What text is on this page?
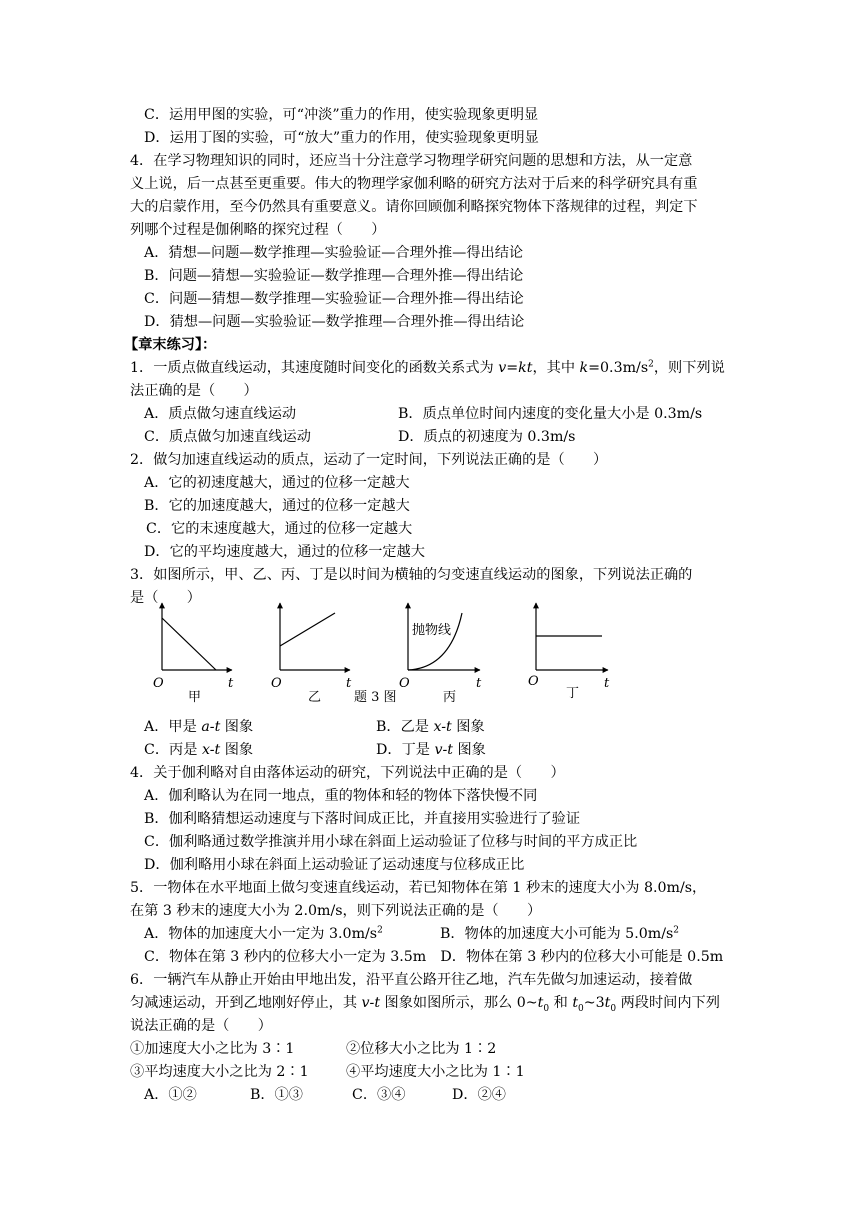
C．运用甲图的实验，可“冲淡”重力的作用，使实验现象更明显
D．运用丁图的实验，可“放大”重力的作用，使实验现象更明显
4．在学习物理知识的同时，还应当十分注意学习物理学研究问题的思想和方法，从一定意
义上说，后一点甚至更重要。伟大的物理学家伽利略的研究方法对于后来的科学研究具有重
大的启蒙作用，至今仍然具有重要意义。请你回顾伽利略探究物体下落规律的过程，判定下
列哪个过程是伽俐略的探究过程（　　）
A．猜想—问题—数学推理—实验验证—合理外推—得出结论
B．问题—猜想—实验验证—数学推理—合理外推—得出结论
C．问题—猜想—数学推理—实验验证—合理外推—得出结论
D．猜想—问题—实验验证—数学推理—合理外推—得出结论
【章末练习】：
1．一质点做直线运动，其速度随时间变化的函数关系式为 v=kt，其中 $k=0.3m/s^2$，则下列说
法正确的是（　　）
A．质点做匀速直线运动	B．质点单位时间内速度的变化量大小是 0.3m/s
C．质点做匀加速直线运动	D．质点的初速度为 0.3m/s
2．做匀加速直线运动的质点，运动了一定时间，下列说法正确的是（　　）
A．它的初速度越大，通过的位移一定越大
B．它的加速度越大，通过的位移一定越大
C．它的末速度越大，通过的位移一定越大
D．它的平均速度越大，通过的位移一定越大
3．如图所示，甲、乙、丙、丁是以时间为横轴的匀变速直线运动的图象，下列说法正确的
是（　　）
O	t
甲
O	t
乙	题 3 图
O	t
丙
抛物线
O	t
丁
A．甲是 a-t 图象	B．乙是 x-t 图象
C．丙是 x-t 图象	D．丁是 v-t 图象
4．关于伽利略对自由落体运动的研究，下列说法中正确的是（　　）
A．伽利略认为在同一地点，重的物体和轻的物体下落快慢不同
B．伽利略猜想运动速度与下落时间成正比，并直接用实验进行了验证
C．伽利略通过数学推演并用小球在斜面上运动验证了位移与时间的平方成正比
D．伽利略用小球在斜面上运动验证了运动速度与位移成正比
5．一物体在水平地面上做匀变速直线运动，若已知物体在第 1 秒末的速度大小为 8.0m/s，
在第 3 秒末的速度大小为 2.0m/s，则下列说法正确的是（　　）
A．物体的加速度大小一定为 $3.0m/s^2$	B．物体的加速度大小可能为 $5.0m/s^2$
C．物体在第 3 秒内的位移大小一定为 3.5m　D．物体在第 3 秒内的位移大小可能是 0.5m
6．一辆汽车从静止开始由甲地出发，沿平直公路开往乙地，汽车先做匀加速运动，接着做
匀减速运动，开到乙地刚好停止，其 v-t 图象如图所示，那么 $0\sim t_0$ 和 $t_0\sim 3t_0$ 两段时间内下列
说法正确的是（　　）
①加速度大小之比为 3∶1	②位移大小之比为 1∶2
③平均速度大小之比为 2∶1	④平均速度大小之比为 1∶1
A．①②	B．①③	C．③④	D．②④
